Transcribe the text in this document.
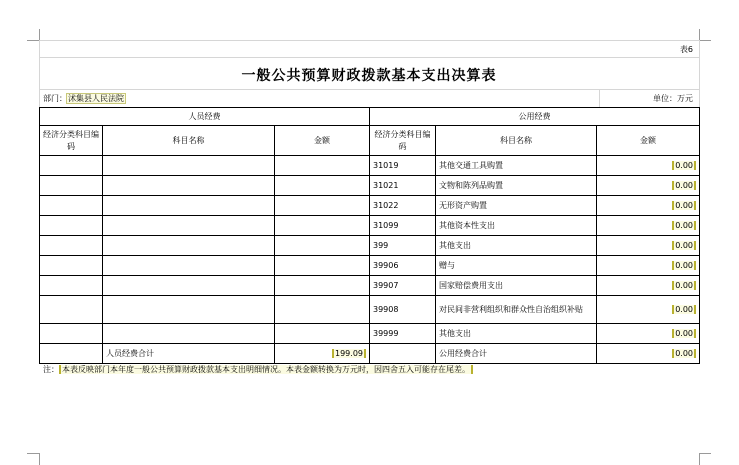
表6
一般公共预算财政拨款基本支出决算表
部门：沭集县人民法院	单位：万元
人员经费			公用经费		
经济分类科目编码	科目名称	金额	经济分类科目编码	科目名称	金额
			31019	其他交通工具购置	0.00
			31021	文物和陈列品购置	0.00
			31022	无形资产购置	0.00
			31099	其他资本性支出	0.00
			399	其他支出	0.00
			39906	赠与	0.00
			39907	国家赔偿费用支出	0.00
			39908	对民间非营利组织和群众性自治组织补贴	0.00
			39999	其他支出	0.00
	人员经费合计	199.09		公用经费合计	0.00
注： 本表反映部门本年度一般公共预算财政拨款基本支出明细情况。本表金额转换为万元时，因四舍五入可能存在尾差。
